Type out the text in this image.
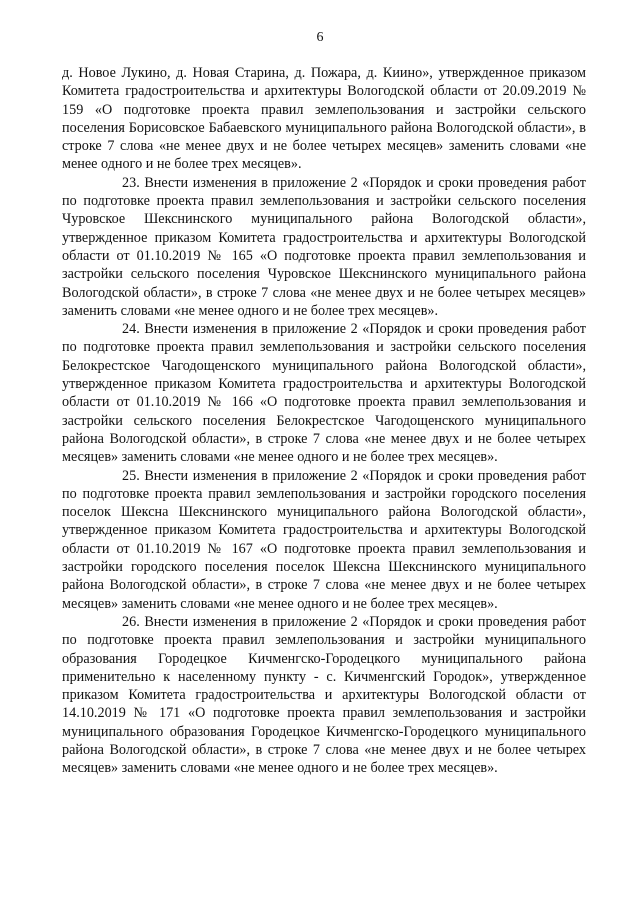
6

д. Новое Лукино, д. Новая Старина, д. Пожара, д. Киино», утвержденное приказом Комитета градостроительства и архитектуры Вологодской области от 20.09.2019 № 159 «О подготовке проекта правил землепользования и застройки сельского поселения Борисовское Бабаевского муниципального района Вологодской области», в строке 7 слова «не менее двух и не более четырех месяцев» заменить словами «не менее одного и не более трех месяцев».

23. Внести изменения в приложение 2 «Порядок и сроки проведения работ по подготовке проекта правил землепользования и застройки сельского поселения Чуровское Шекснинского муниципального района Вологодской области», утвержденное приказом Комитета градостроительства и архитектуры Вологодской области от 01.10.2019 № 165 «О подготовке проекта правил землепользования и застройки сельского поселения Чуровское Шекснинского муниципального района Вологодской области», в строке 7 слова «не менее двух и не более четырех месяцев» заменить словами «не менее одного и не более трех месяцев».

24. Внести изменения в приложение 2 «Порядок и сроки проведения работ по подготовке проекта правил землепользования и застройки сельского поселения Белокрестское Чагодощенского муниципального района Вологодской области», утвержденное приказом Комитета градостроительства и архитектуры Вологодской области от 01.10.2019 № 166 «О подготовке проекта правил землепользования и застройки сельского поселения Белокрестское Чагодощенского муниципального района Вологодской области», в строке 7 слова «не менее двух и не более четырех месяцев» заменить словами «не менее одного и не более трех месяцев».

25. Внести изменения в приложение 2 «Порядок и сроки проведения работ по подготовке проекта правил землепользования и застройки городского поселения поселок Шексна Шекснинского муниципального района Вологодской области», утвержденное приказом Комитета градостроительства и архитектуры Вологодской области от 01.10.2019 № 167 «О подготовке проекта правил землепользования и застройки городского поселения поселок Шексна Шекснинского муниципального района Вологодской области», в строке 7 слова «не менее двух и не более четырех месяцев» заменить словами «не менее одного и не более трех месяцев».

26. Внести изменения в приложение 2 «Порядок и сроки проведения работ по подготовке проекта правил землепользования и застройки муниципального образования Городецкое Кичменгско-Городецкого муниципального района применительно к населенному пункту - с. Кичменгский Городок», утвержденное приказом Комитета градостроительства и архитектуры Вологодской области от 14.10.2019 № 171 «О подготовке проекта правил землепользования и застройки муниципального образования Городецкое Кичменгско-Городецкого муниципального района Вологодской области», в строке 7 слова «не менее двух и не более четырех месяцев» заменить словами «не менее одного и не более трех месяцев».
